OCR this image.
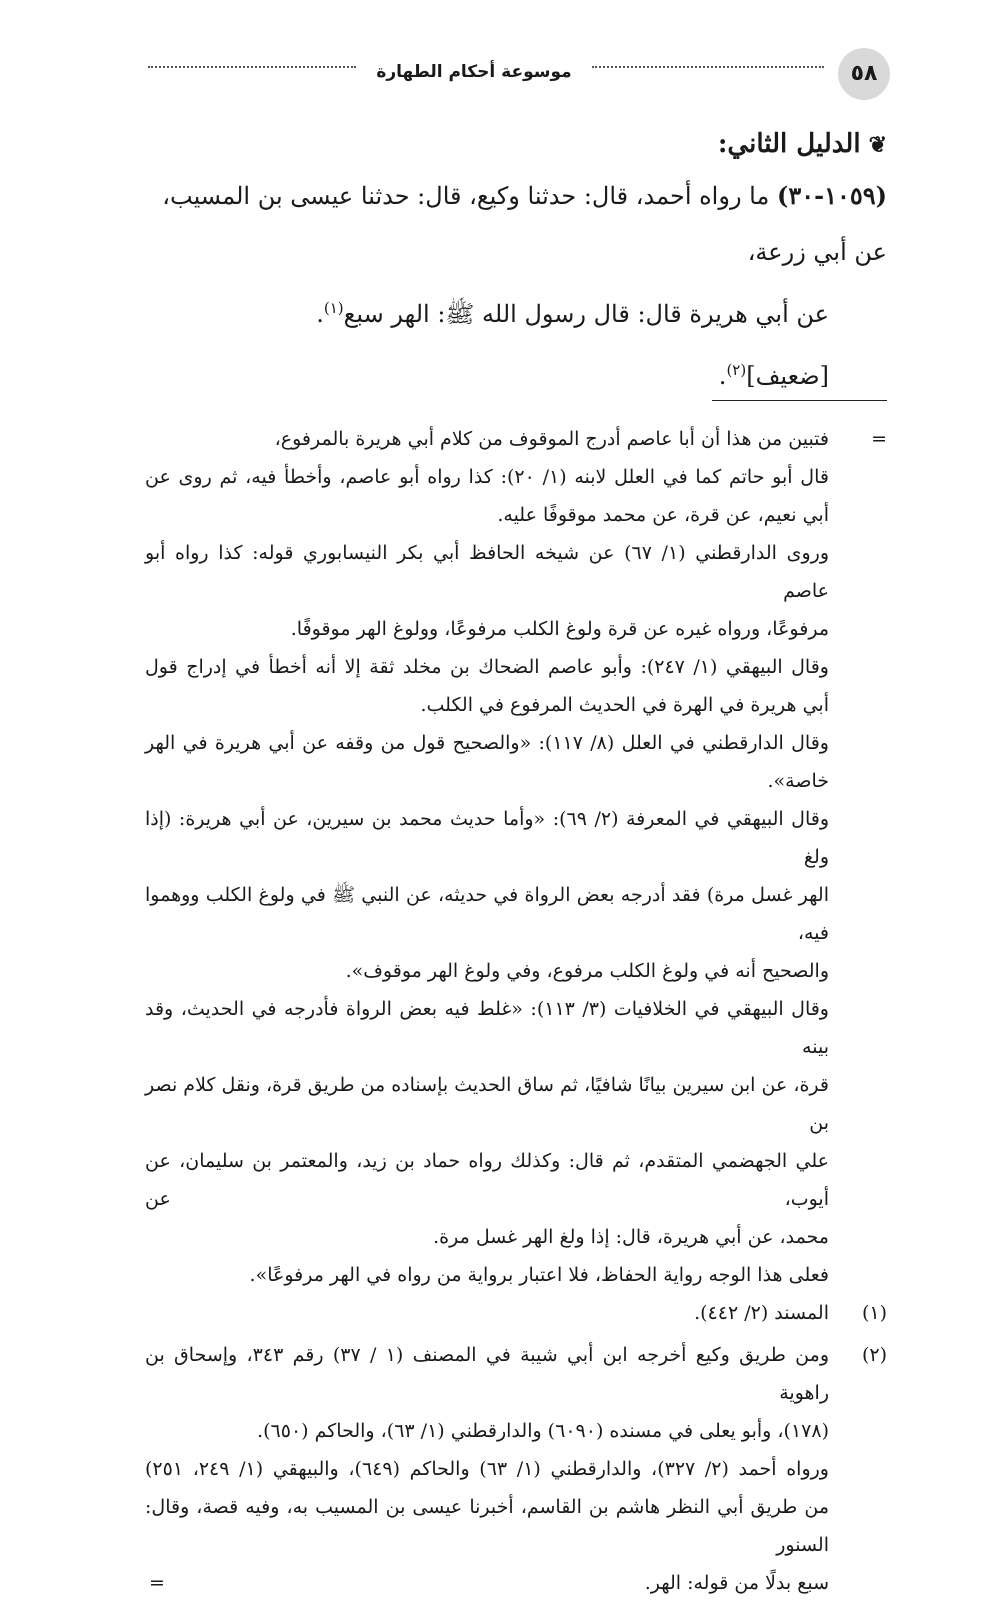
٥٨
موسوعة أحكام الطهارة

❦الدليل الثاني:

(١٠٥٩-٣٠) ما رواه أحمد، قال: حدثنا وكيع، قال: حدثنا عيسى بن المسيب،

عن أبي زرعة،

عن أبي هريرة قال: قال رسول الله ﷺ: الهر سبع$^{(١)}$.

[ضعيف]$^{(٢)}$.

=

فتبين من هذا أن أبا عاصم أدرج الموقوف من كلام أبي هريرة بالمرفوع،

قال أبو حاتم كما في العلل لابنه (١/ ٢٠): كذا رواه أبو عاصم، وأخطأ فيه، ثم روى عن

أبي نعيم، عن قرة، عن محمد موقوفًا عليه.

وروى الدارقطني (١/ ٦٧) عن شيخه الحافظ أبي بكر النيسابوري قوله: كذا رواه أبو عاصم

مرفوعًا، ورواه غيره عن قرة ولوغ الكلب مرفوعًا، وولوغ الهر موقوفًا.

وقال البيهقي (١/ ٢٤٧): وأبو عاصم الضحاك بن مخلد ثقة إلا أنه أخطأ في إدراج قول

أبي هريرة في الهرة في الحديث المرفوع في الكلب.

وقال الدارقطني في العلل (٨/ ١١٧): «والصحيح قول من وقفه عن أبي هريرة في الهر خاصة».

وقال البيهقي في المعرفة (٢/ ٦٩): «وأما حديث محمد بن سيرين، عن أبي هريرة: (إذا ولغ

الهر غسل مرة) فقد أدرجه بعض الرواة في حديثه، عن النبي ﷺ في ولوغ الكلب ووهموا فيه،

والصحيح أنه في ولوغ الكلب مرفوع، وفي ولوغ الهر موقوف».

وقال البيهقي في الخلافيات (٣/ ١١٣): «غلط فيه بعض الرواة فأدرجه في الحديث، وقد بينه

قرة، عن ابن سيرين بيانًا شافيًا، ثم ساق الحديث بإسناده من طريق قرة، ونقل كلام نصر بن

علي الجهضمي المتقدم، ثم قال: وكذلك رواه حماد بن زيد، والمعتمر بن سليمان، عن أيوب، عن

محمد، عن أبي هريرة، قال: إذا ولغ الهر غسل مرة.

فعلى هذا الوجه رواية الحفاظ، فلا اعتبار برواية من رواه في الهر مرفوعًا».

(١)

المسند (٢/ ٤٤٢).

(٢)

ومن طريق وكيع أخرجه ابن أبي شيبة في المصنف (١ / ٣٧) رقم ٣٤٣، وإسحاق بن راهوية

(١٧٨)، وأبو يعلى في مسنده (٦٠٩٠) والدارقطني (١/ ٦٣)، والحاكم (٦٥٠).

ورواه أحمد (٢/ ٣٢٧)، والدارقطني (١/ ٦٣) والحاكم (٦٤٩)، والبيهقي (١/ ٢٤٩، ٢٥١)

من طريق أبي النظر هاشم بن القاسم، أخبرنا عيسى بن المسيب به، وفيه قصة، وقال: السنور

سبع بدلًا من قوله: الهر.

=
